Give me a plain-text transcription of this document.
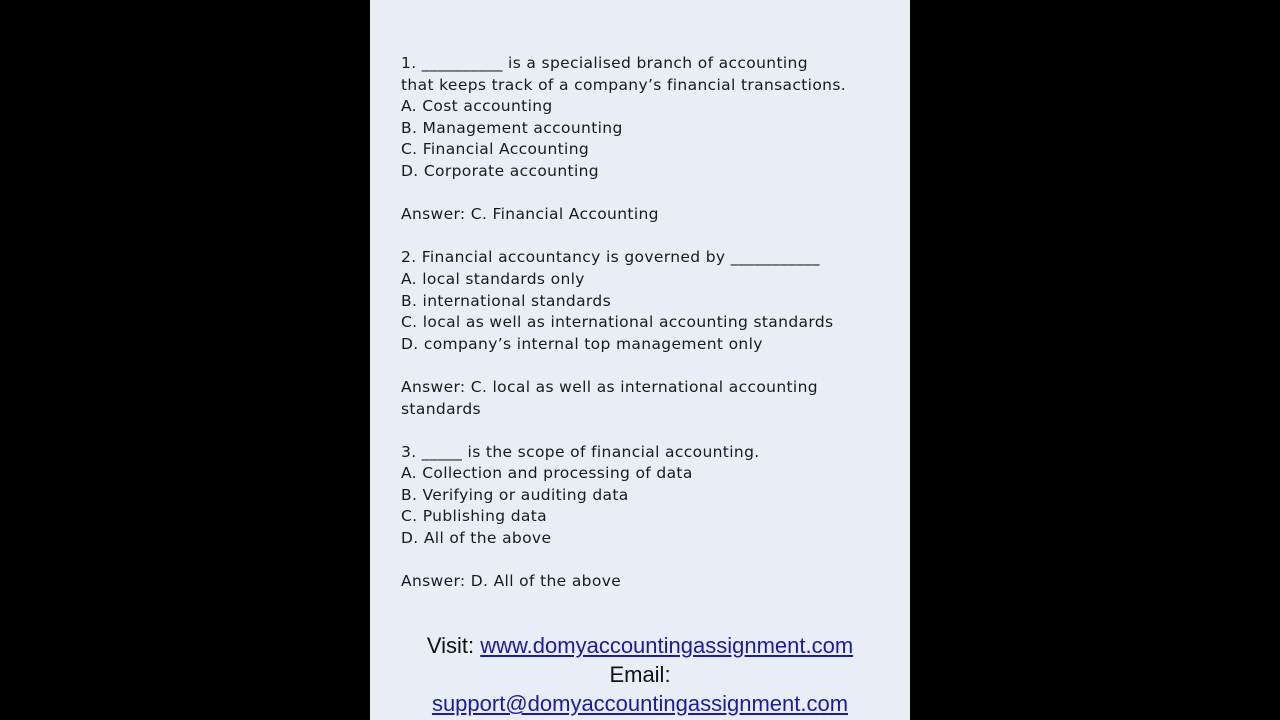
1. __________ is a specialised branch of accounting
that keeps track of a company’s financial transactions.
A. Cost accounting
B. Management accounting
C. Financial Accounting
D. Corporate accounting
Answer: C. Financial Accounting
2. Financial accountancy is governed by ___________
A. local standards only
B. international standards
C. local as well as international accounting standards
D. company’s internal top management only
Answer: C. local as well as international accounting
standards
3. _____ is the scope of financial accounting.
A. Collection and processing of data
B. Verifying or auditing data
C. Publishing data
D. All of the above
Answer: D. All of the above
Visit: www.domyaccountingassignment.com
Email:
support@domyaccountingassignment.com
